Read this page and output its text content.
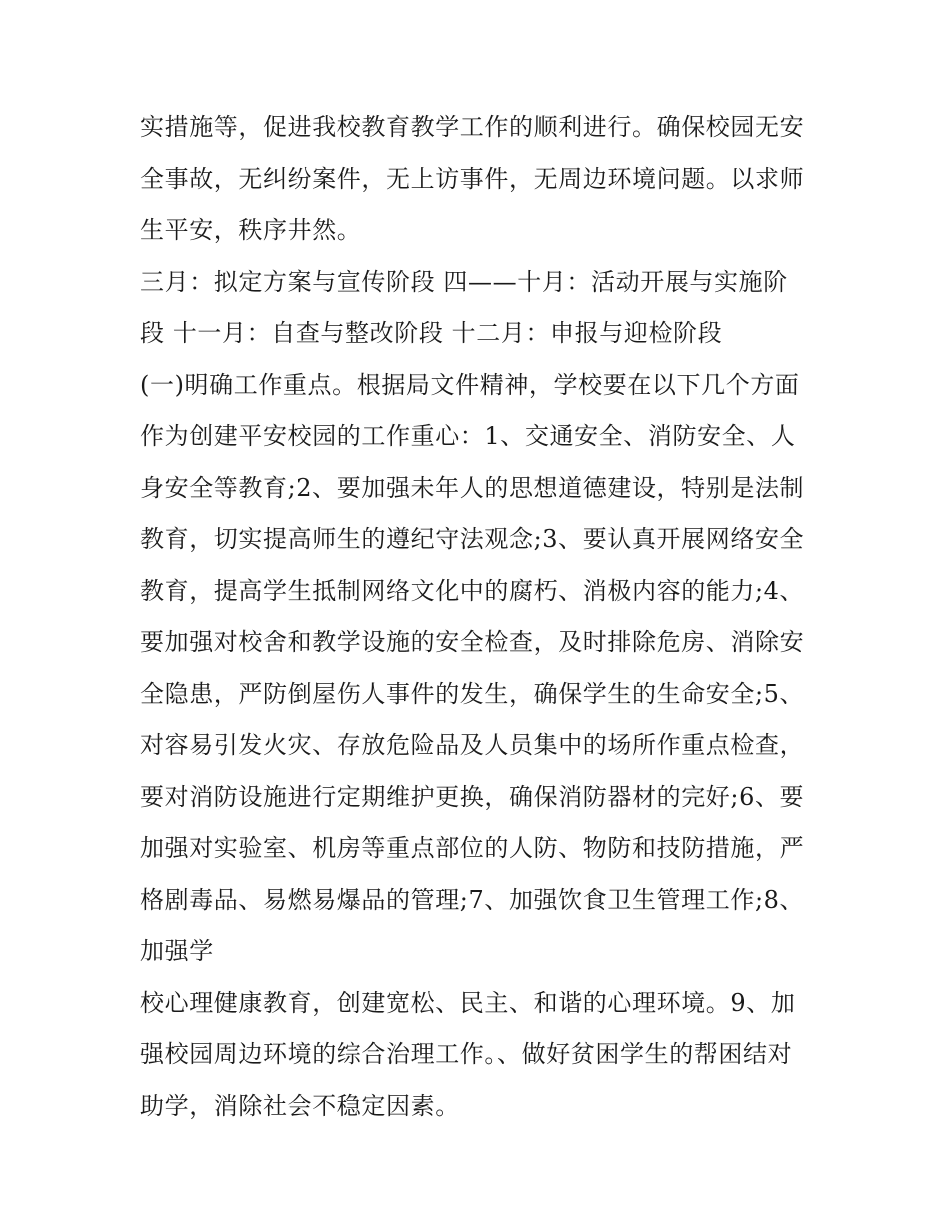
实措施等，促进我校教育教学工作的顺利进行。确保校园无安
全事故，无纠纷案件，无上访事件，无周边环境问题。以求师
生平安，秩序井然。
三月：拟定方案与宣传阶段 四——十月：活动开展与实施阶
段 十一月：自查与整改阶段 十二月：申报与迎检阶段
(一)明确工作重点。根据局文件精神，学校要在以下几个方面
作为创建平安校园的工作重心：1、交通安全、消防安全、人
身安全等教育;2、要加强未年人的思想道德建设，特别是法制
教育，切实提高师生的遵纪守法观念;3、要认真开展网络安全
教育，提高学生抵制网络文化中的腐朽、消极内容的能力;4、
要加强对校舍和教学设施的安全检查，及时排除危房、消除安
全隐患，严防倒屋伤人事件的发生，确保学生的生命安全;5、
对容易引发火灾、存放危险品及人员集中的场所作重点检查，
要对消防设施进行定期维护更换，确保消防器材的完好;6、要
加强对实验室、机房等重点部位的人防、物防和技防措施，严
格剧毒品、易燃易爆品的管理;7、加强饮食卫生管理工作;8、
加强学
校心理健康教育，创建宽松、民主、和谐的心理环境。9、加
强校园周边环境的综合治理工作。、做好贫困学生的帮困结对
助学，消除社会不稳定因素。
